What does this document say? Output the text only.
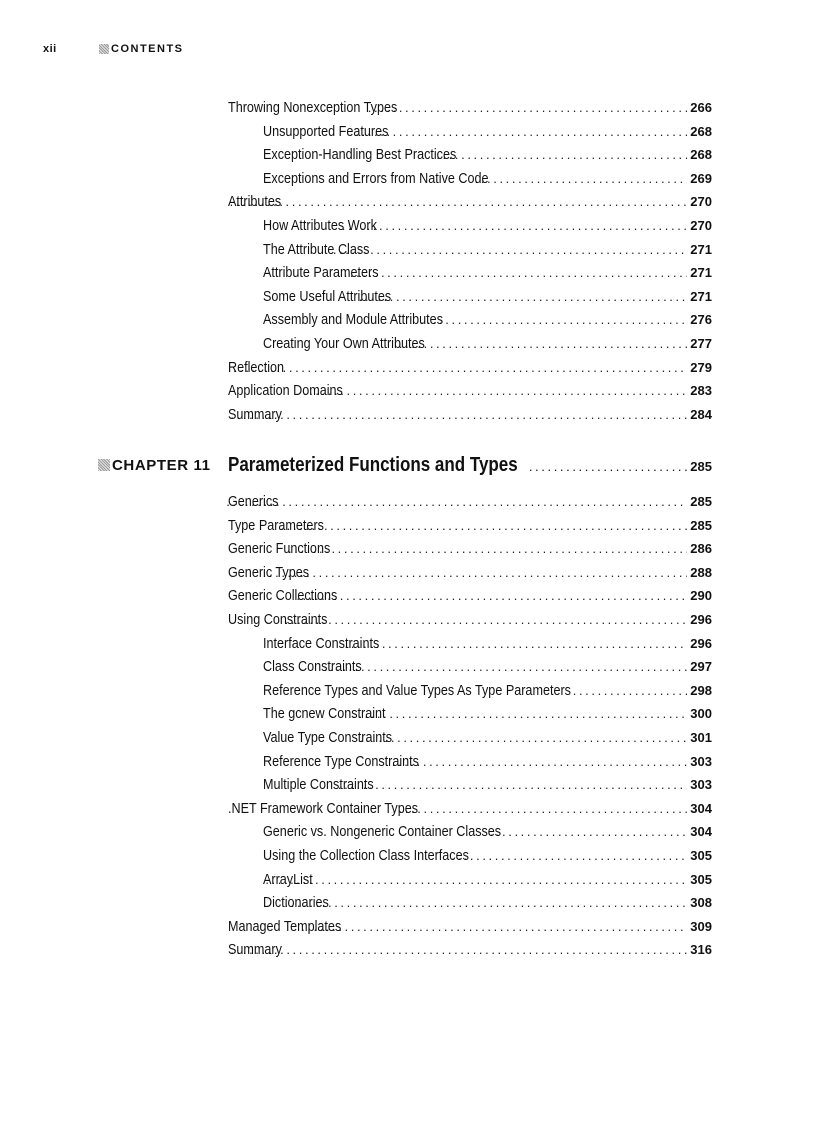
xii	CONTENTS
Throwing Nonexception Types .....	266
Unsupported Features .....	268
Exception-Handling Best Practices .....	268
Exceptions and Errors from Native Code .....	269
Attributes .....	270
How Attributes Work .....	270
The Attribute Class .....	271
Attribute Parameters .....	271
Some Useful Attributes .....	271
Assembly and Module Attributes .....	276
Creating Your Own Attributes .....	277
Reflection .....	279
Application Domains .....	283
Summary .....	284
CHAPTER 11 Parameterized Functions and Types .....	285
Generics .....	285
Type Parameters .....	285
Generic Functions .....	286
Generic Types .....	288
Generic Collections .....	290
Using Constraints .....	296
Interface Constraints .....	296
Class Constraints .....	297
Reference Types and Value Types As Type Parameters .....	298
The gcnew Constraint .....	300
Value Type Constraints .....	301
Reference Type Constraints .....	303
Multiple Constraints .....	303
.NET Framework Container Types .....	304
Generic vs. Nongeneric Container Classes .....	304
Using the Collection Class Interfaces .....	305
ArrayList .....	305
Dictionaries .....	308
Managed Templates .....	309
Summary .....	316
